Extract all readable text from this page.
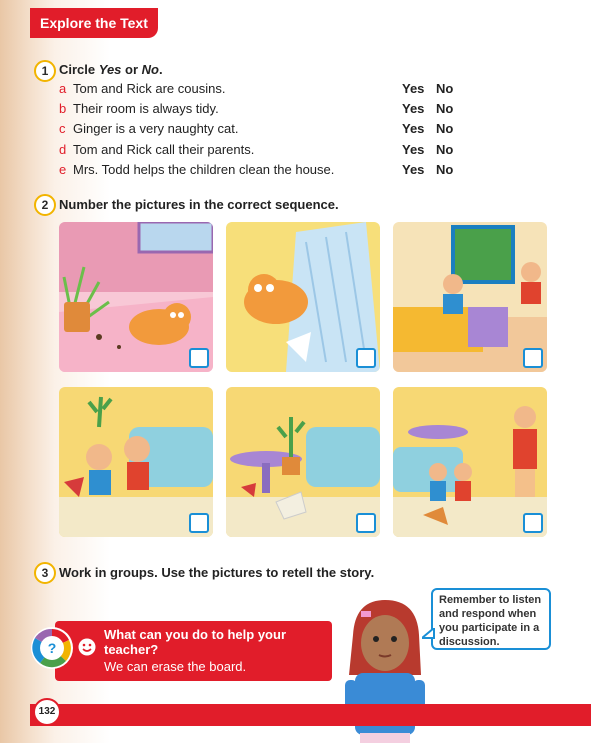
Explore the Text
1 Circle Yes or No.
a Tom and Rick are cousins.	Yes No
b Their room is always tidy.	Yes No
c Ginger is a very naughty cat.	Yes No
d Tom and Rick call their parents.	Yes No
e Mrs. Todd helps the children clean the house.	Yes No
2 Number the pictures in the correct sequence.
3 Work in groups. Use the pictures to retell the story.
Remember to listen and respond when you participate in a discussion.
?
What can you do to help your teacher?
We can erase the board.
132
